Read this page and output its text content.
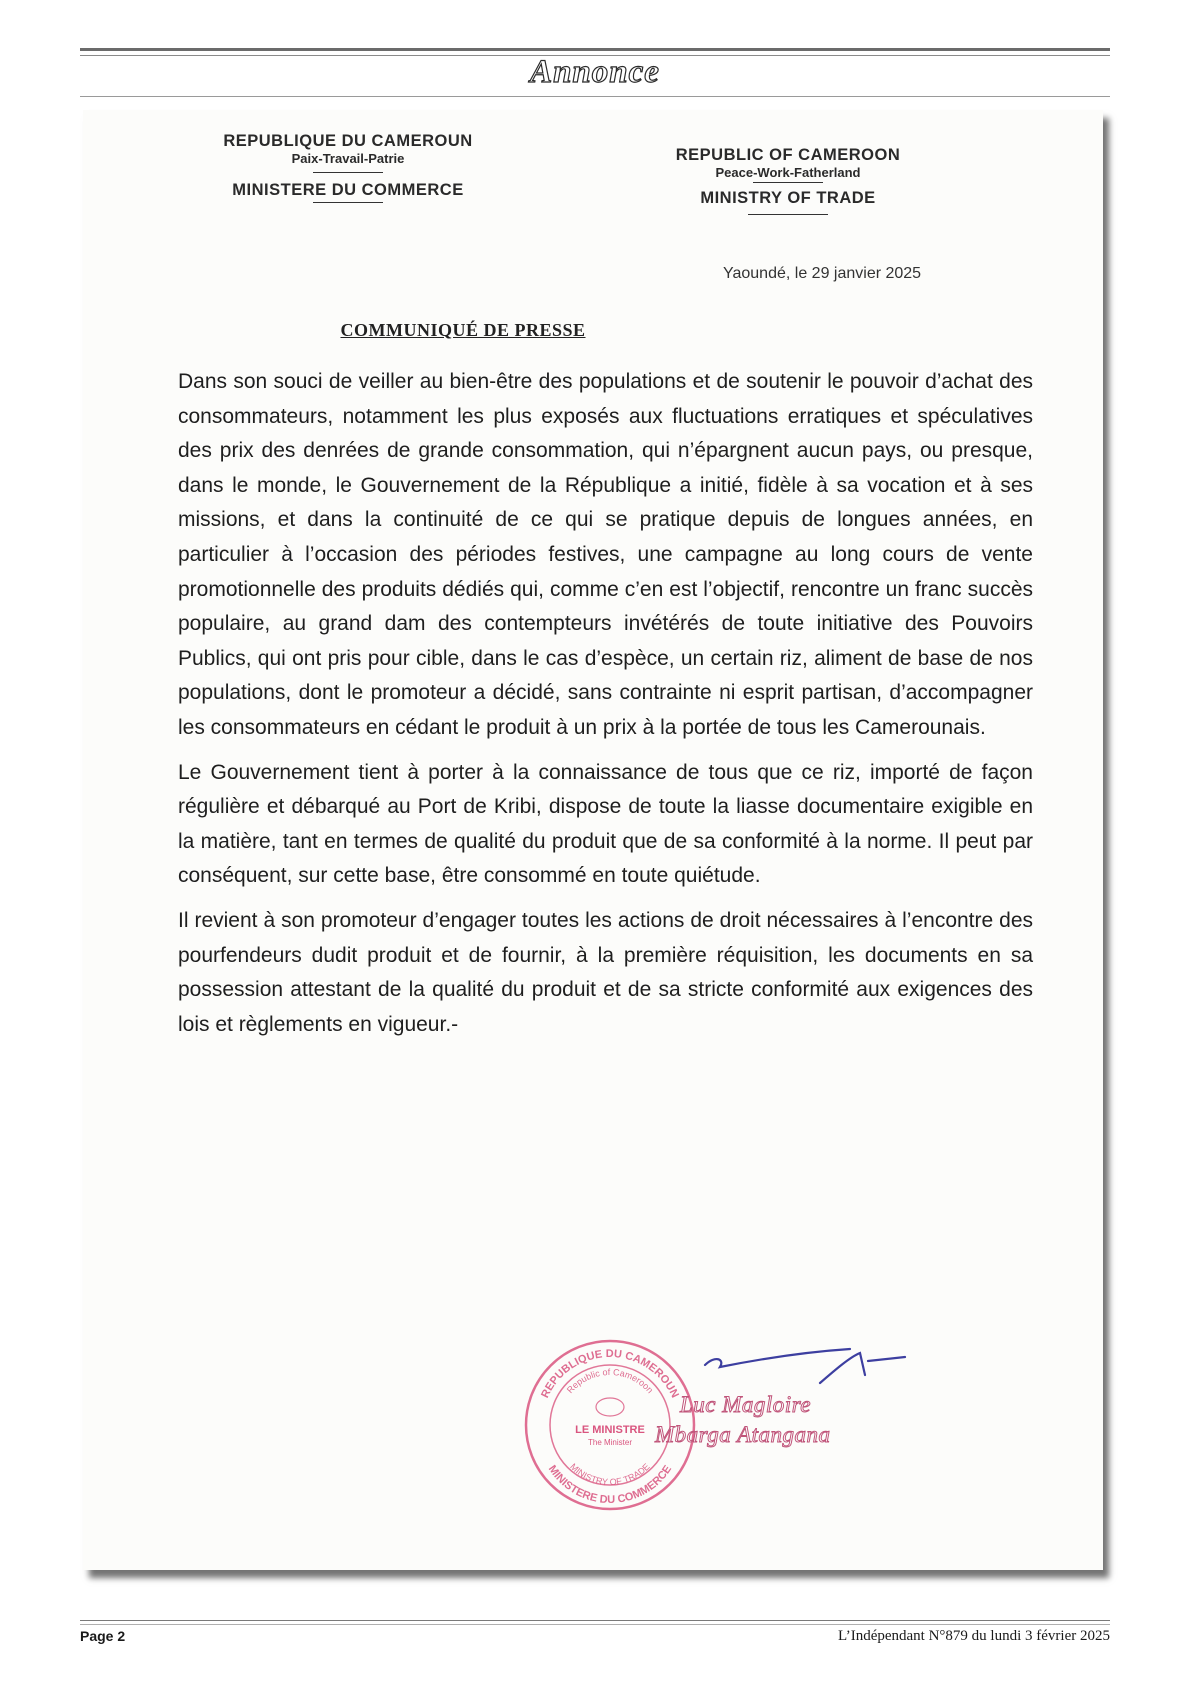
Annonce
REPUBLIQUE DU CAMEROUN
Paix-Travail-Patrie
MINISTERE DU COMMERCE
REPUBLIC OF CAMEROON
Peace-Work-Fatherland
MINISTRY OF TRADE
Yaoundé, le 29 janvier 2025
COMMUNIQUÉ DE PRESSE

Dans son souci de veiller au bien-être des populations et de soutenir le pouvoir d’achat des consommateurs, notamment les plus exposés aux fluctuations erratiques et spéculatives des prix des denrées de grande consommation, qui n’épargnent aucun pays, ou presque, dans le monde, le Gouvernement de la République a initié, fidèle à sa vocation et à ses missions, et dans la continuité de ce qui se pratique depuis de longues années, en particulier à l’occasion des périodes festives, une campagne au long cours de vente promotionnelle des produits dédiés qui, comme c’en est l’objectif, rencontre un franc succès populaire, au grand dam des contempteurs invétérés de toute initiative des Pouvoirs Publics, qui ont pris pour cible, dans le cas d’espèce, un certain riz, aliment de base de nos populations, dont le promoteur a décidé, sans contrainte ni esprit partisan, d’accompagner les consommateurs en cédant le produit à un prix à la portée de tous les Camerounais.

Le Gouvernement tient à porter à la connaissance de tous que ce riz, importé de façon régulière et débarqué au Port de Kribi, dispose de toute la liasse documentaire exigible en la matière, tant en termes de qualité du produit que de sa conformité à la norme. Il peut par conséquent, sur cette base, être consommé en toute quiétude.

Il revient à son promoteur d’engager toutes les actions de droit nécessaires à l’encontre des pourfendeurs dudit produit et de fournir, à la première réquisition, les documents en sa possession attestant de la qualité du produit et de sa stricte conformité aux exigences des lois et règlements en vigueur.-

REPUBLIQUE DU CAMEROUN
Republic of Cameroon
MINISTERE DU COMMERCE
MINISTRY OF TRADE
LE MINISTRE
The Minister
Luc Magloire
Mbarga Atangana
Page 2	L’Indépendant N°879 du lundi 3 février 2025
